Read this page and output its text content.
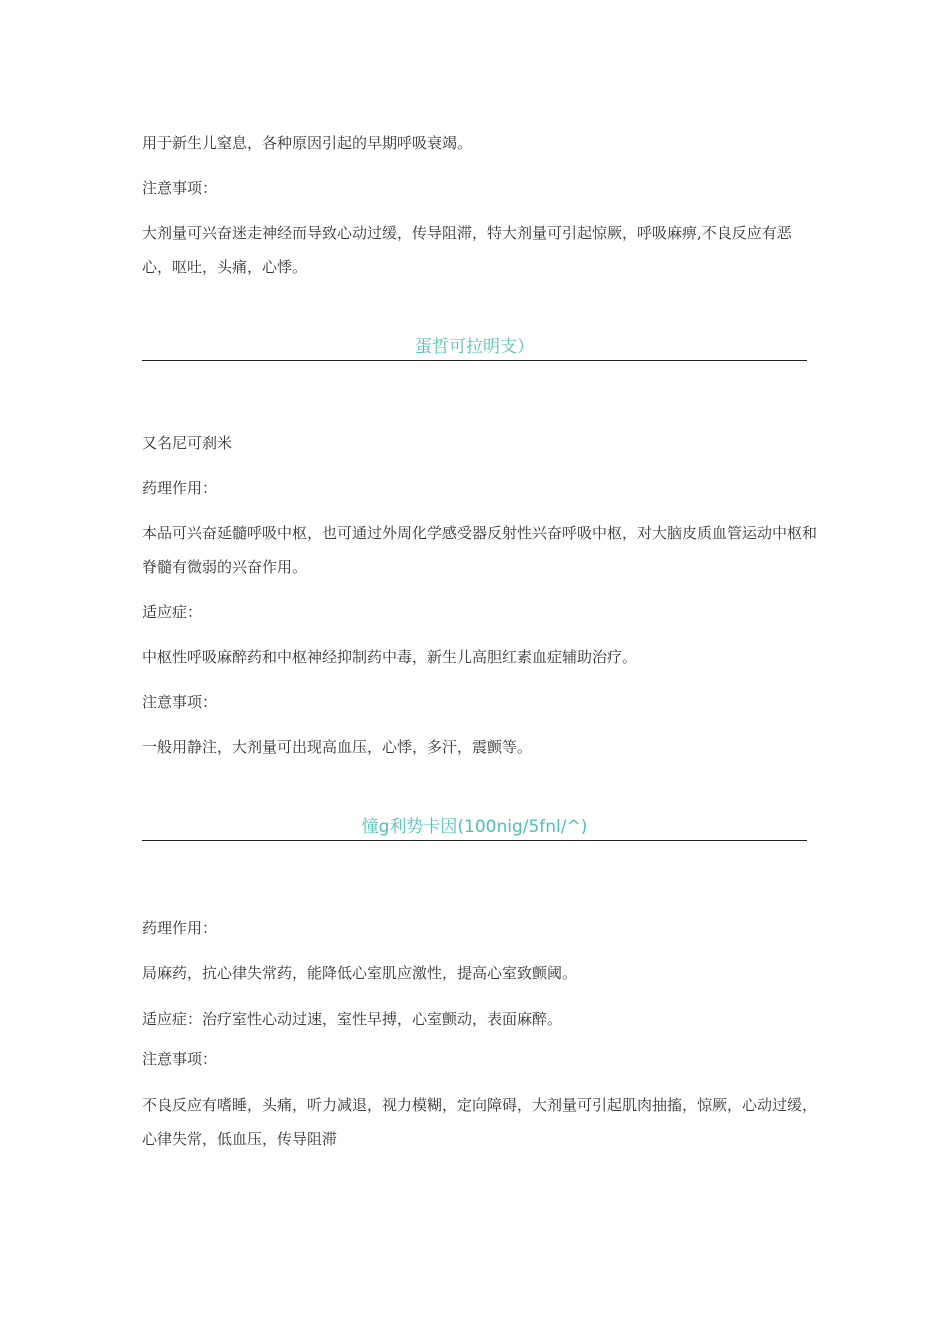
用于新生儿窒息，各种原因引起的早期呼吸衰竭。
注意事项：
大剂量可兴奋迷走神经而导致心动过缓，传导阻滞，特大剂量可引起惊厥，呼吸麻痹,不良反应有恶心，呕吐，头痛，心悸。
蛋哲可拉明支）
又名尼可刹米
药理作用：
本品可兴奋延髓呼吸中枢，也可通过外周化学感受器反射性兴奋呼吸中枢，对大脑皮质血管运动中枢和脊髓有微弱的兴奋作用。
适应症：
中枢性呼吸麻醉药和中枢神经抑制药中毒，新生儿高胆红素血症辅助治疗。
注意事项：
一般用静注，大剂量可出现高血压，心悸，多汗，震颤等。
憧g利势卡因(100nig/5fnl/^)
药理作用：
局麻药，抗心律失常药，能降低心室肌应激性，提高心室致颤阈。
适应症：治疗室性心动过速，室性早搏，心室颤动，表面麻醉。
注意事项：
不良反应有嗜睡，头痛，听力减退，视力模糊，定向障碍，大剂量可引起肌肉抽搐，惊厥，心动过缓，心律失常，低血压，传导阻滞
